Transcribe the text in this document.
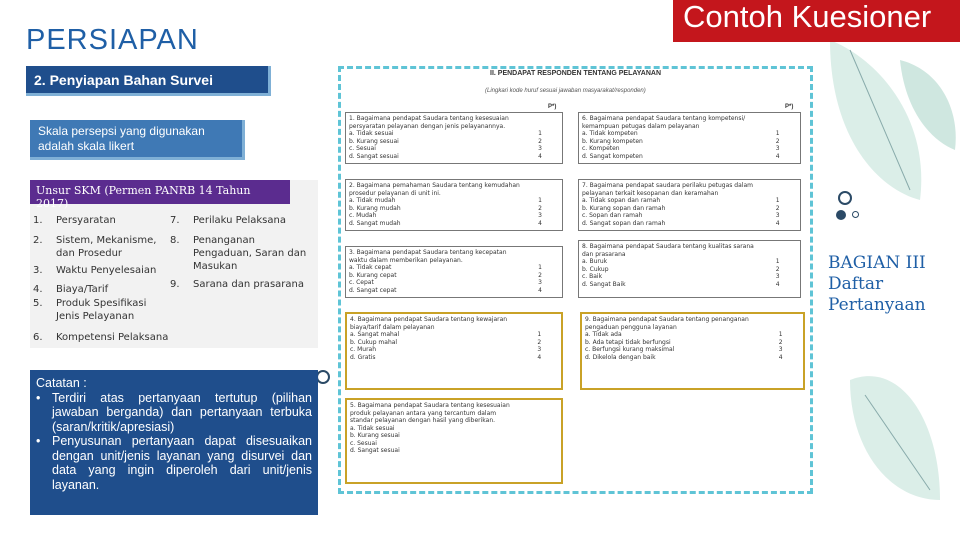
PERSIAPAN
Contoh Kuesioner
2. Penyiapan Bahan Survei
Skala persepsi yang digunakan adalah skala likert
1. Persyaratan
2. Sistem, Mekanisme, dan Prosedur
3. Waktu Penyelesaian
4. Biaya/Tarif
5. Produk Spesifikasi Jenis Pelayanan
6. Kompetensi Pelaksana
7. Perilaku Pelaksana
8. Penanganan Pengaduan, Saran dan Masukan
9. Sarana dan prasarana
Unsur SKM (Permen PANRB 14 Tahun 2017)
Catatan :
• Terdiri atas pertanyaan tertutup (pilihan jawaban berganda) dan pertanyaan terbuka (saran/kritik/apresiasi)
• Penyusunan pertanyaan dapat disesuaikan dengan unit/jenis layanan yang disurvei dan data yang ingin diperoleh dari unit/jenis layanan.
II. PENDAPAT RESPONDEN TENTANG PELAYANAN
(Lingkari kode huruf sesuai jawaban masyarakat/responden)
P*)	P*)
1. Bagaimana pendapat Saudara tentang kesesuaian persyaratan pelayanan dengan jenis pelayanannya.
a. Tidak sesuai	1
b. Kurang sesuai	2
c. Sesuai	3
d. Sangat sesuai	4
2. Bagaimana pemahaman Saudara tentang kemudahan prosedur pelayanan di unit ini.
a. Tidak mudah	1
b. Kurang mudah	2
c. Mudah	3
d. Sangat mudah	4
3. Bagaimana pendapat Saudara tentang kecepatan waktu dalam memberikan pelayanan.
a. Tidak cepat	1
b. Kurang cepat	2
c. Cepat	3
d. Sangat cepat	4
4. Bagaimana pendapat Saudara tentang kewajaran biaya/tarif dalam pelayanan
a. Sangat mahal	1
b. Cukup mahal	2
c. Murah	3
d. Gratis	4
5. Bagaimana pendapat Saudara tentang kesesuaian produk pelayanan antara yang tercantum dalam standar pelayanan dengan hasil yang diberikan.
a. Tidak sesuai
b. Kurang sesuai
c. Sesuai
d. Sangat sesuai
6. Bagaimana pendapat Saudara tentang kompetensi/ kemampuan petugas dalam pelayanan
a. Tidak kompeten	1
b. Kurang kompeten	2
c. Kompeten	3
d. Sangat kompeten	4
7. Bagaimana pendapat saudara perilaku petugas dalam pelayanan terkait kesopanan dan keramahan
a. Tidak sopan dan ramah	1
b. Kurang sopan dan ramah	2
c. Sopan dan ramah	3
d. Sangat sopan dan ramah	4
8. Bagaimana pendapat Saudara tentang kualitas sarana dan prasarana
a. Buruk	1
b. Cukup	2
c. Baik	3
d. Sangat Baik	4
9. Bagaimana pendapat Saudara tentang penanganan pengaduan pengguna layanan
a. Tidak ada	1
b. Ada tetapi tidak berfungsi	2
c. Berfungsi kurang maksimal	3
d. Dikelola dengan baik	4
BAGIAN III Daftar Pertanyaan
